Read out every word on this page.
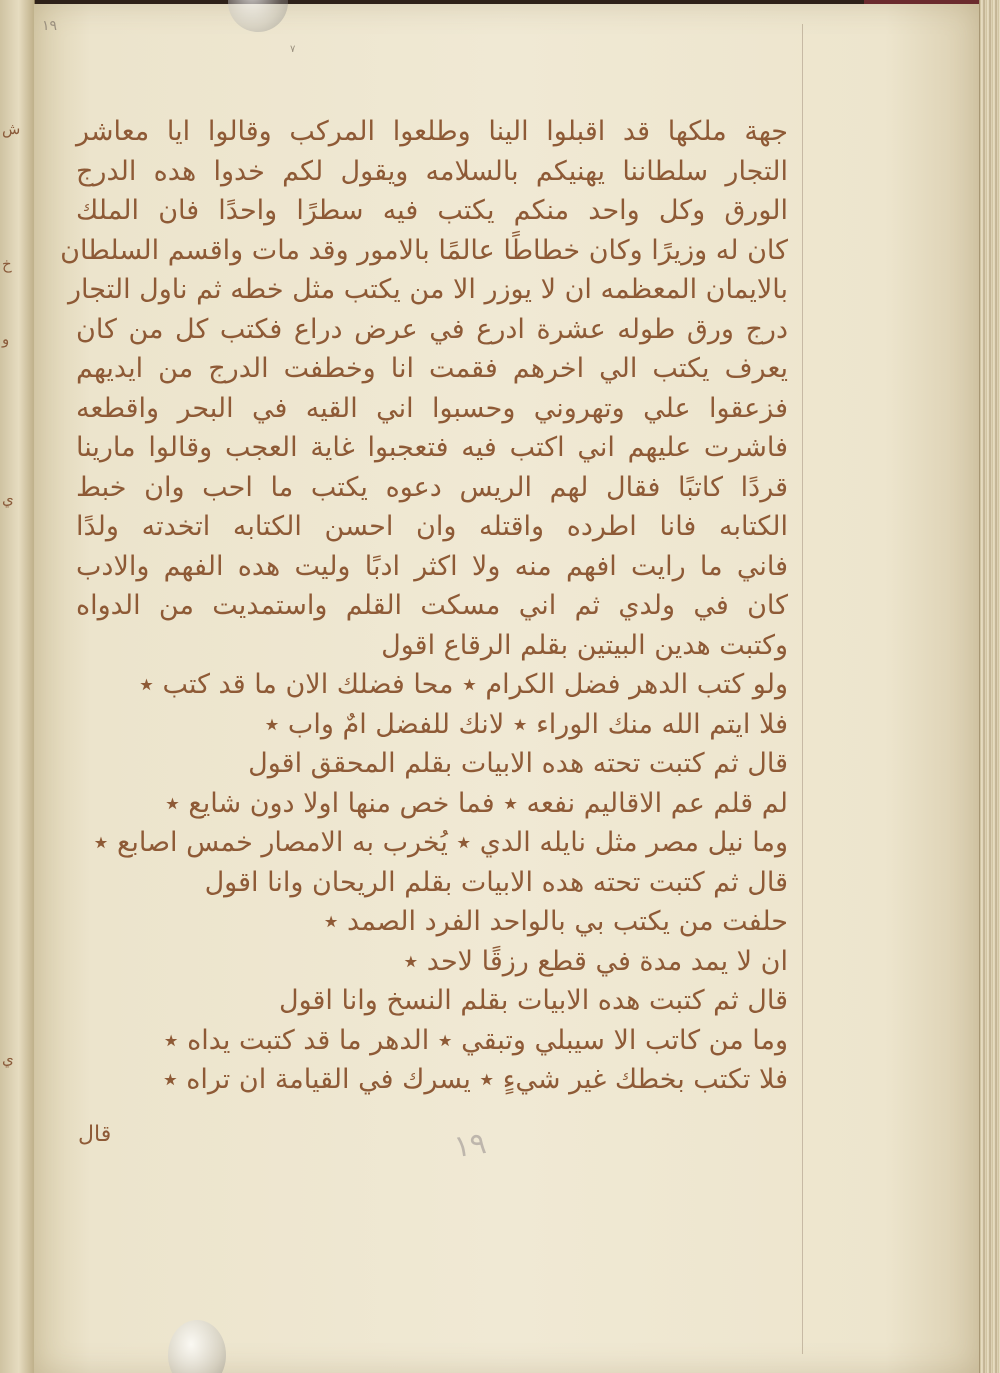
ش
خ
و
ي
ي
١٩
٧
جهة ملكها قد اقبلوا الينا وطلعوا المركب وقالوا ايا معاشر
التجار سلطاننا يهنيكم بالسلامه ويقول لكم خدوا هده الدرج
الورق وكل واحد منكم يكتب فيه سطرًا واحدًا فان الملك
كان له وزيرًا وكان خطاطًا عالمًا بالامور وقد مات واقسم السلطان
بالايمان المعظمه ان لا يوزر الا من يكتب مثل خطه ثم ناول التجار
درج ورق طوله عشرة ادرع في عرض دراع فكتب كل من كان
يعرف يكتب الي اخرهم فقمت انا وخطفت الدرج من ايديهم
فزعقوا علي وتهروني وحسبوا اني القيه في البحر واقطعه
فاشرت عليهم اني اكتب فيه فتعجبوا غاية العجب وقالوا مارينا
قردًا كاتبًا فقال لهم الريس دعوه يكتب ما احب وان خبط
الكتابه فانا اطرده واقتله وان احسن الكتابه اتخدته ولدًا
فاني ما رايت افهم منه ولا اكثر ادبًا وليت هده الفهم والادب
كان في ولدي ثم اني مسكت القلم واستمديت من الدواه
وكتبت هدين البيتين بقلم الرقاع اقول
ولو كتب الدهر فضل الكرام ٭ محا فضلك الان ما قد كتب ٭
فلا ايتم الله منك الوراء ٭ لانك للفضل امٌ واب ٭
قال ثم كتبت تحته هده الابيات بقلم المحقق اقول
لم قلم عم الاقاليم نفعه ٭ فما خص منها اولا دون شايع ٭
وما نيل مصر مثل نايله الدي ٭ يُخرب به الامصار خمس اصابع ٭
قال ثم كتبت تحته هده الابيات بقلم الريحان وانا اقول
حلفت من يكتب بي بالواحد الفرد الصمد ٭
ان لا يمد مدة في قطع رزقًا لاحد ٭
قال ثم كتبت هده الابيات بقلم النسخ وانا اقول
وما من كاتب الا سيبلي وتبقي ٭ الدهر ما قد كتبت يداه ٭
فلا تكتب بخطك غير شيءٍ ٭ يسرك في القيامة ان تراه ٭
١٩
قال
